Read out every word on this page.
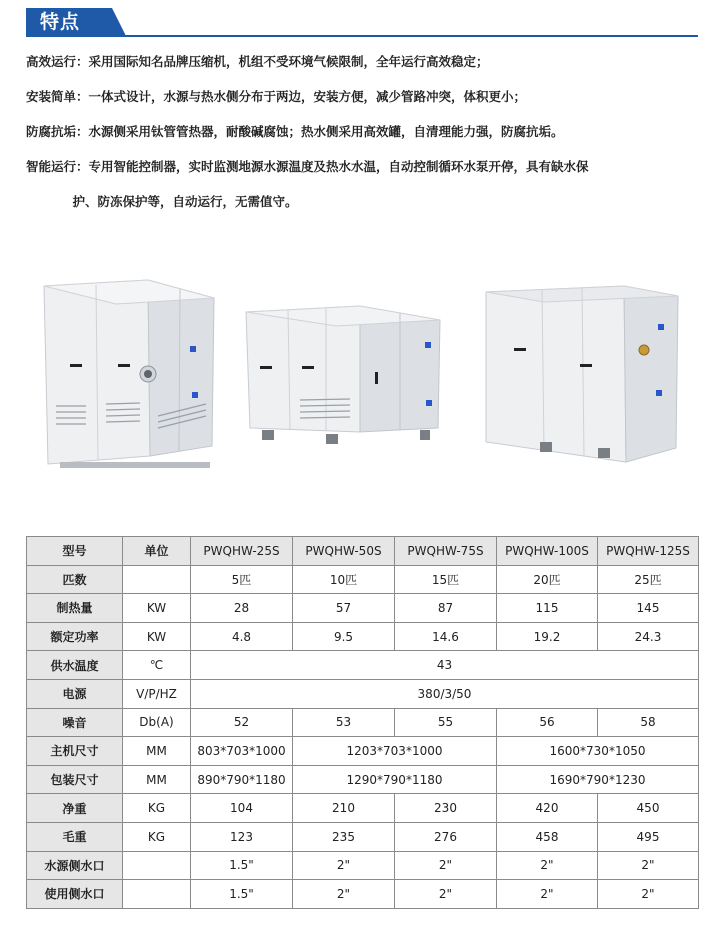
特点
高效运行： 采用国际知名品牌压缩机，机组不受环境气候限制，全年运行高效稳定；
安装简单： 一体式设计，水源与热水侧分布于两边，安装方便，减少管路冲突，体积更小；
防腐抗垢： 水源侧采用钛管管热器，耐酸碱腐蚀；热水侧采用高效罐，自清理能力强，防腐抗垢。
智能运行： 专用智能控制器，实时监测地源水源温度及热水水温，自动控制循环水泵开停，具有缺水保
护、防冻保护等，自动运行，无需值守。
型号	单位	PWQHW-25S	PWQHW-50S	PWQHW-75S	PWQHW-100S	PWQHW-125S
匹数		5匹	10匹	15匹	20匹	25匹
制热量	KW	28	57	87	115	145
额定功率	KW	4.8	9.5	14.6	19.2	24.3
供水温度	℃	43				
电源	V/P/HZ	380/3/50				
噪音	Db(A)	52	53	55	56	58
主机尺寸	MM	803*703*1000	1203*703*1000		1600*730*1050	
包装尺寸	MM	890*790*1180	1290*790*1180		1690*790*1230	
净重	KG	104	210	230	420	450
毛重	KG	123	235	276	458	495
水源侧水口		1.5"	2"	2"	2"	2"
使用侧水口		1.5"	2"	2"	2"	2"
